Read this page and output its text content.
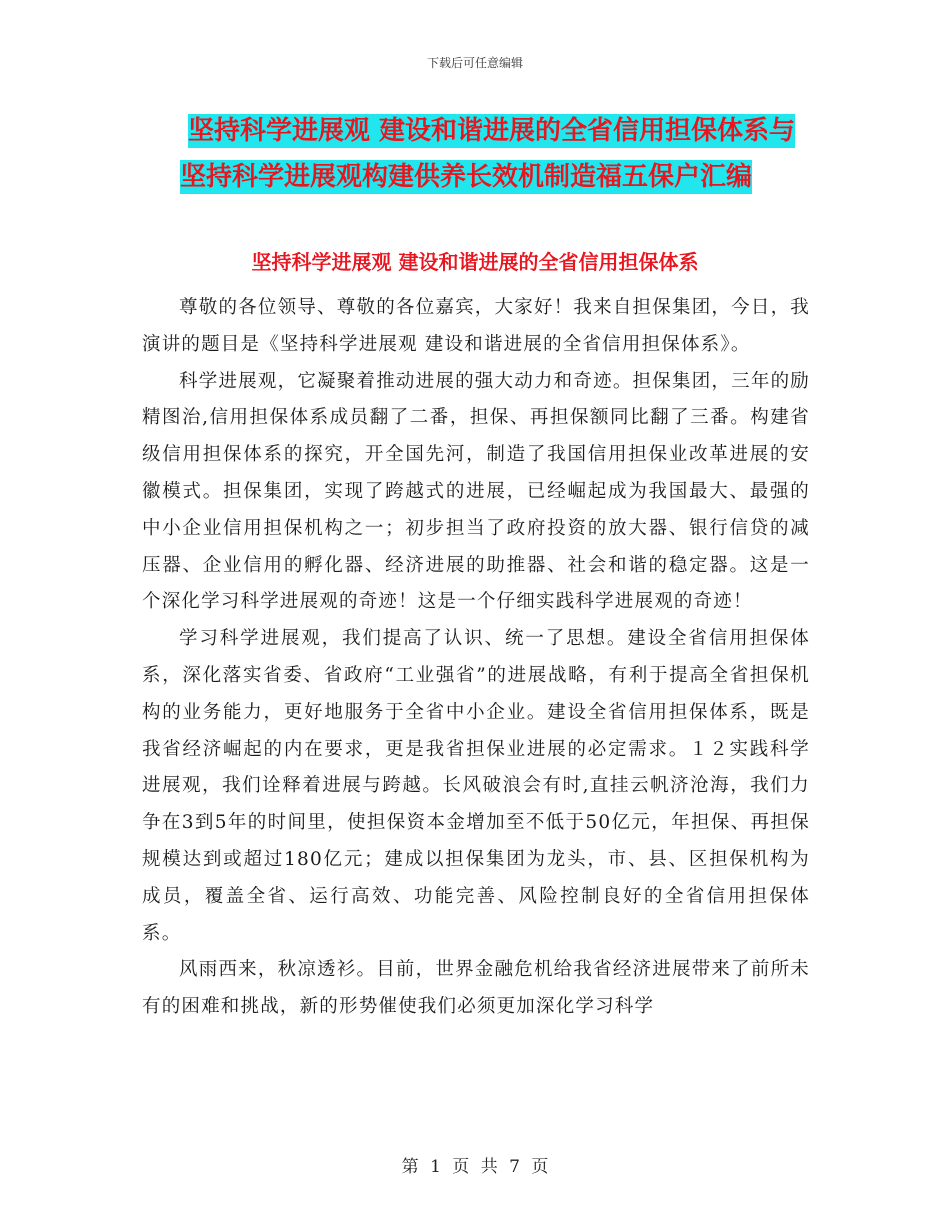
下载后可任意编辑
坚持科学进展观 建设和谐进展的全省信用担保体系与
坚持科学进展观构建供养长效机制造福五保户汇编
坚持科学进展观 建设和谐进展的全省信用担保体系

尊敬的各位领导、尊敬的各位嘉宾，大家好！我来自担保集团，今日，我演讲的题目是《坚持科学进展观 建设和谐进展的全省信用担保体系》。

科学进展观，它凝聚着推动进展的强大动力和奇迹。担保集团，三年的励精图治,信用担保体系成员翻了二番，担保、再担保额同比翻了三番。构建省级信用担保体系的探究，开全国先河，制造了我国信用担保业改革进展的安徽模式。担保集团，实现了跨越式的进展，已经崛起成为我国最大、最强的中小企业信用担保机构之一；初步担当了政府投资的放大器、银行信贷的减压器、企业信用的孵化器、经济进展的助推器、社会和谐的稳定器。这是一个深化学习科学进展观的奇迹！这是一个仔细实践科学进展观的奇迹！

学习科学进展观，我们提高了认识、统一了思想。建设全省信用担保体系，深化落实省委、省政府“工业强省”的进展战略，有利于提高全省担保机构的业务能力，更好地服务于全省中小企业。建设全省信用担保体系，既是我省经济崛起的内在要求，更是我省担保业进展的必定需求。１２实践科学进展观，我们诠释着进展与跨越。长风破浪会有时,直挂云帆济沧海，我们力争在3到5年的时间里，使担保资本金增加至不低于50亿元，年担保、再担保规模达到或超过180亿元；建成以担保集团为龙头，市、县、区担保机构为成员，覆盖全省、运行高效、功能完善、风险控制良好的全省信用担保体系。

风雨西来，秋凉透衫。目前，世界金融危机给我省经济进展带来了前所未有的困难和挑战，新的形势催使我们必须更加深化学习科学

第 1 页 共 7 页
